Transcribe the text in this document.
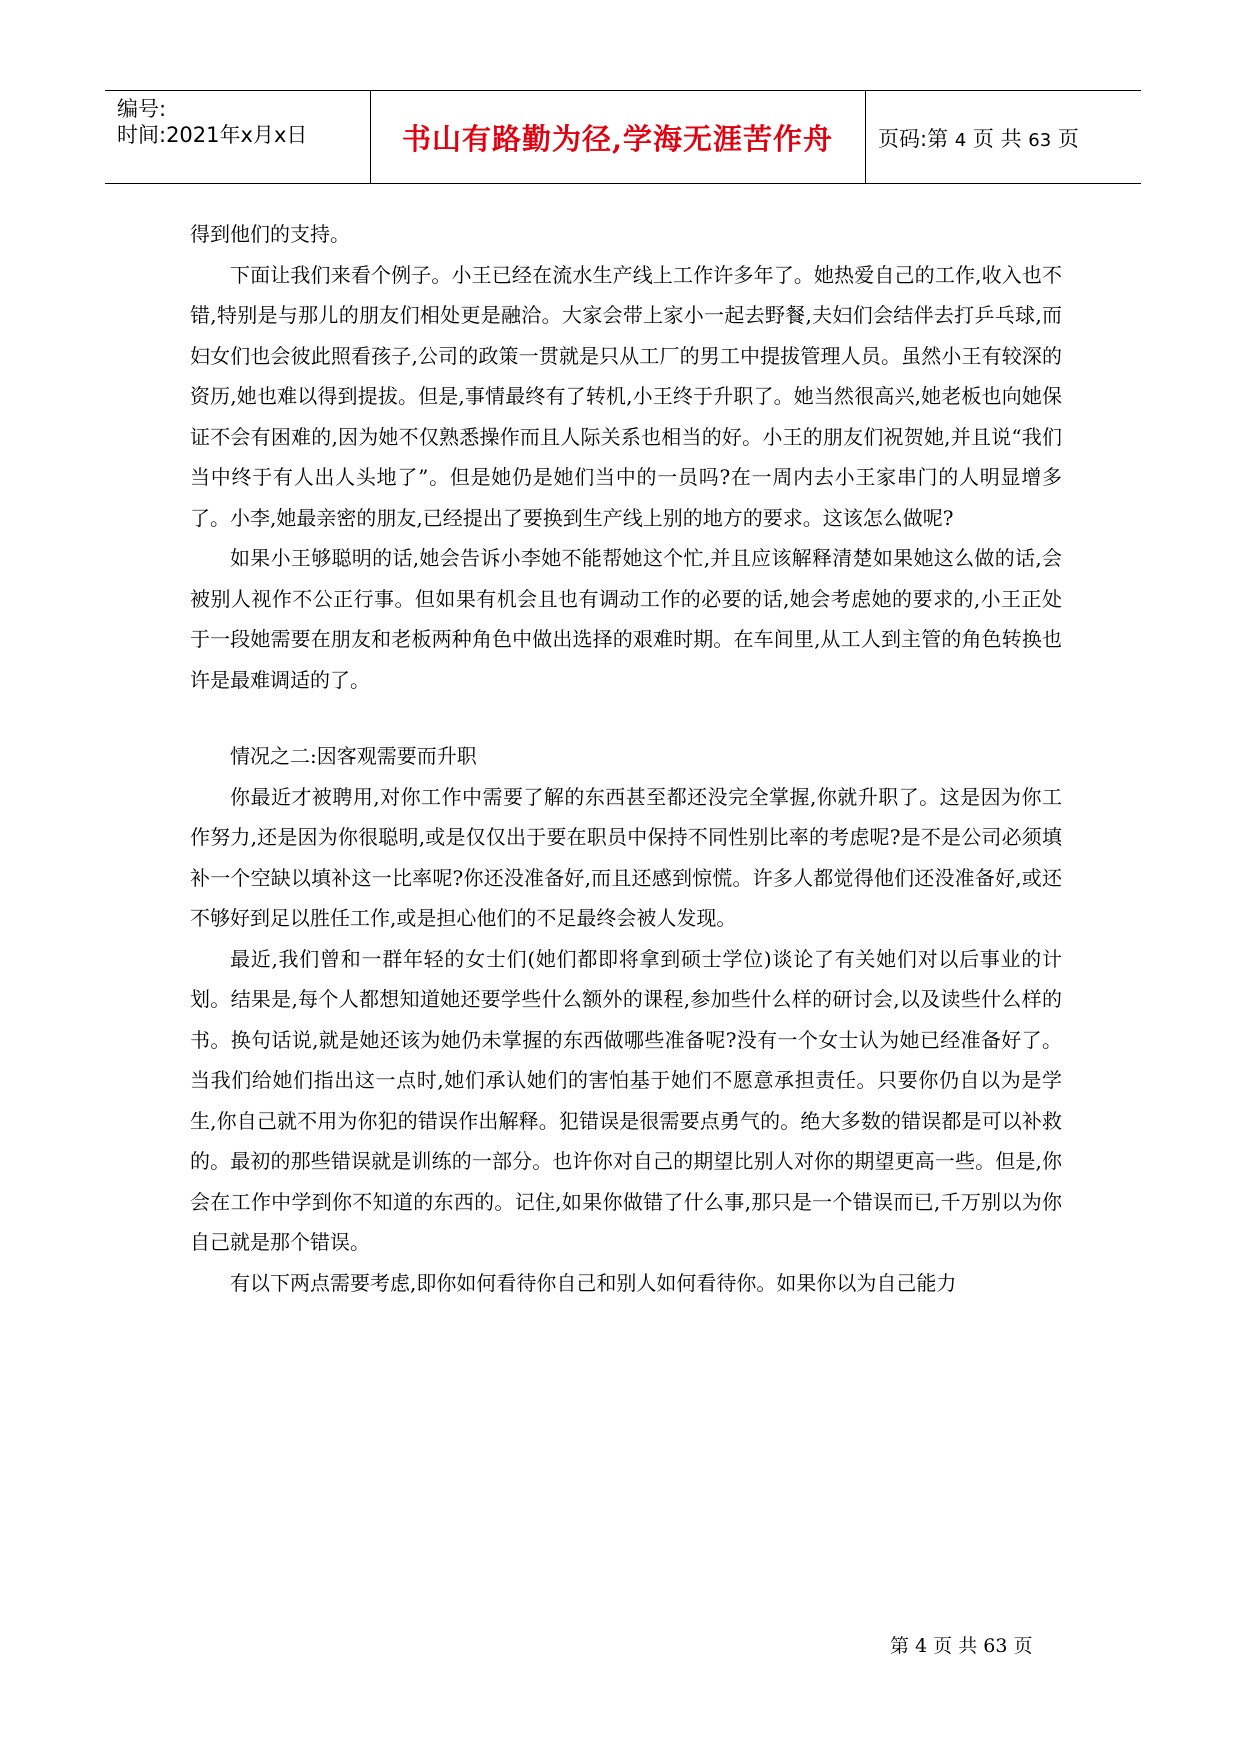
编号:
时间:2021年x月x日	书山有路勤为径,学海无涯苦作舟	页码:第 4 页 共 63 页

得到他们的支持。

下面让我们来看个例子。小王已经在流水生产线上工作许多年了。她热爱自己的工作,收入也不错,特别是与那儿的朋友们相处更是融洽。大家会带上家小一起去野餐,夫妇们会结伴去打乒乓球,而妇女们也会彼此照看孩子,公司的政策一贯就是只从工厂的男工中提拔管理人员。虽然小王有较深的资历,她也难以得到提拔。但是,事情最终有了转机,小王终于升职了。她当然很高兴,她老板也向她保证不会有困难的,因为她不仅熟悉操作而且人际关系也相当的好。小王的朋友们祝贺她,并且说“我们当中终于有人出人头地了”。但是她仍是她们当中的一员吗?在一周内去小王家串门的人明显增多了。小李,她最亲密的朋友,已经提出了要换到生产线上别的地方的要求。这该怎么做呢?

如果小王够聪明的话,她会告诉小李她不能帮她这个忙,并且应该解释清楚如果她这么做的话,会被别人视作不公正行事。但如果有机会且也有调动工作的必要的话,她会考虑她的要求的,小王正处于一段她需要在朋友和老板两种角色中做出选择的艰难时期。在车间里,从工人到主管的角色转换也许是最难调适的了。

情况之二:因客观需要而升职

你最近才被聘用,对你工作中需要了解的东西甚至都还没完全掌握,你就升职了。这是因为你工作努力,还是因为你很聪明,或是仅仅出于要在职员中保持不同性别比率的考虑呢?是不是公司必须填补一个空缺以填补这一比率呢?你还没准备好,而且还感到惊慌。许多人都觉得他们还没准备好,或还不够好到足以胜任工作,或是担心他们的不足最终会被人发现。

最近,我们曾和一群年轻的女士们(她们都即将拿到硕士学位)谈论了有关她们对以后事业的计划。结果是,每个人都想知道她还要学些什么额外的课程,参加些什么样的研讨会,以及读些什么样的书。换句话说,就是她还该为她仍未掌握的东西做哪些准备呢?没有一个女士认为她已经准备好了。当我们给她们指出这一点时,她们承认她们的害怕基于她们不愿意承担责任。只要你仍自以为是学生,你自己就不用为你犯的错误作出解释。犯错误是很需要点勇气的。绝大多数的错误都是可以补救的。最初的那些错误就是训练的一部分。也许你对自己的期望比别人对你的期望更高一些。但是,你会在工作中学到你不知道的东西的。记住,如果你做错了什么事,那只是一个错误而已,千万别以为你自己就是那个错误。

有以下两点需要考虑,即你如何看待你自己和别人如何看待你。如果你以为自己能力

第 4 页 共 63 页
